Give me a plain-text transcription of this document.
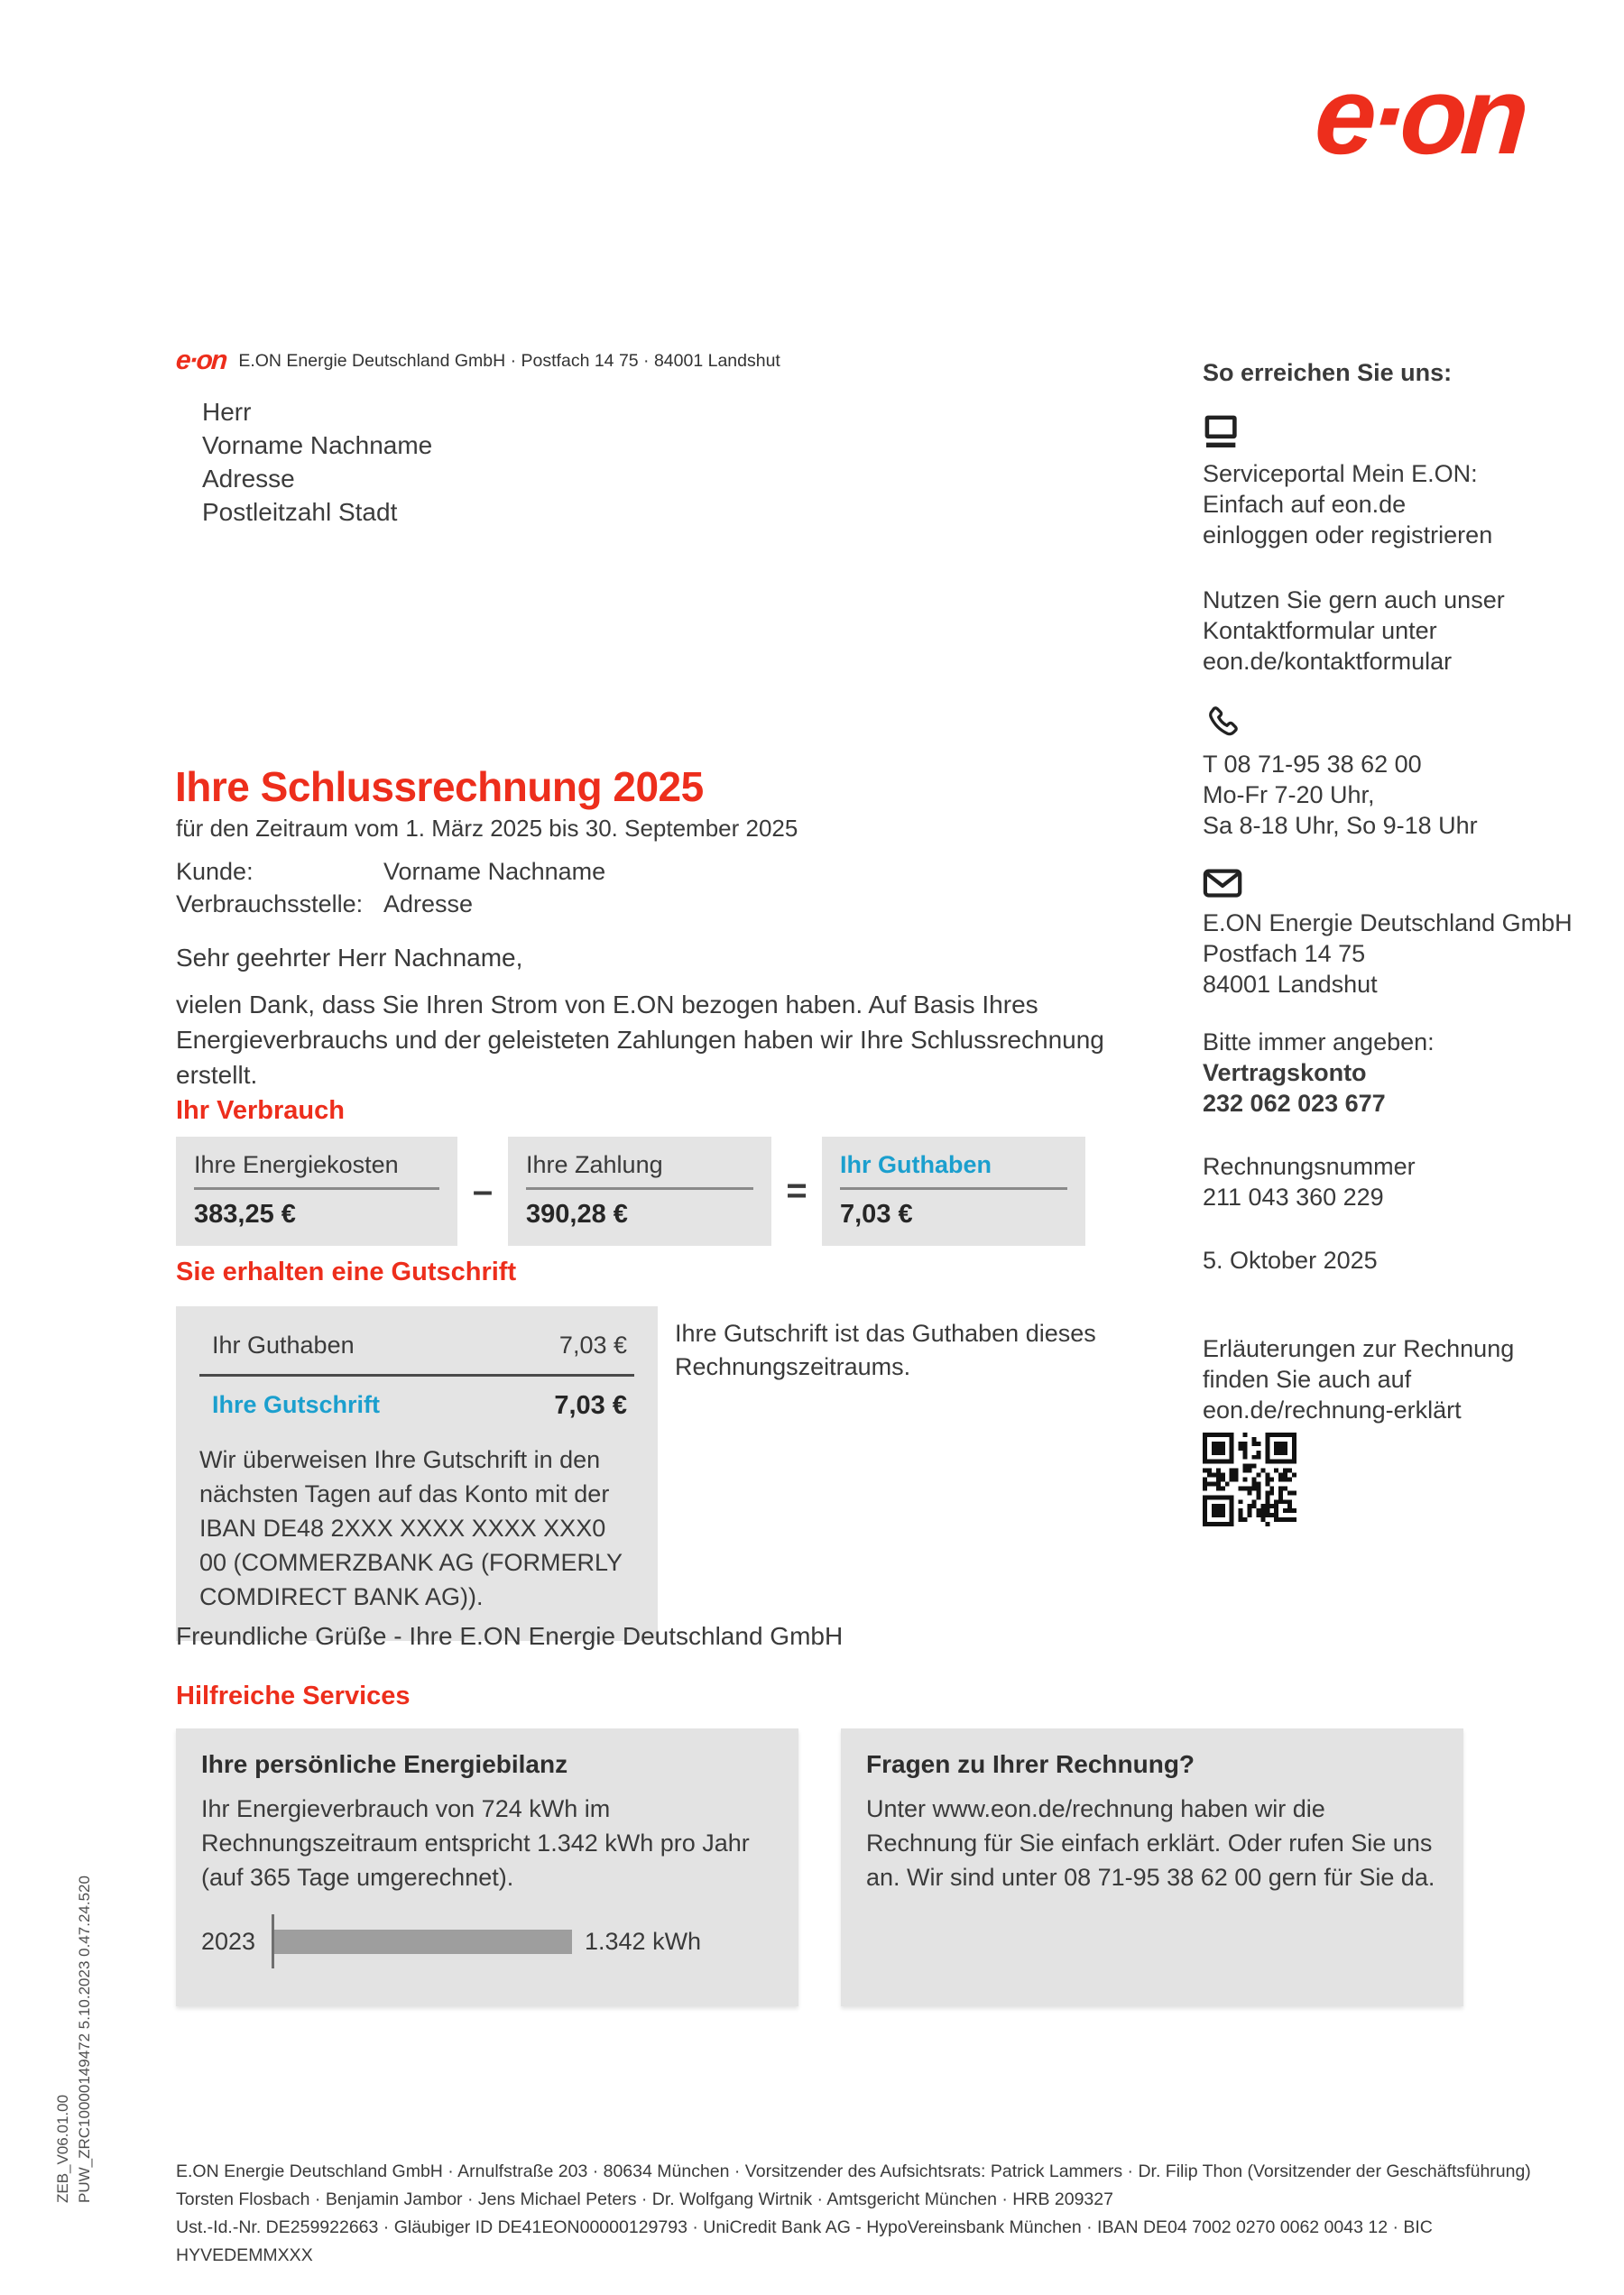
e·on
e·on E.ON Energie Deutschland GmbH · Postfach 14 75 · 84001 Landshut
Herr
Vorname Nachname
Adresse
Postleitzahl Stadt
So erreichen Sie uns:
Serviceportal Mein E.ON:
Einfach auf eon.de
einloggen oder registrieren
Nutzen Sie gern auch unser
Kontaktformular unter
eon.de/kontaktformular
T 08 71-95 38 62 00
Mo-Fr 7-20 Uhr,
Sa 8-18 Uhr, So 9-18 Uhr
E.ON Energie Deutschland GmbH
Postfach 14 75
84001 Landshut
Bitte immer angeben:
Vertragskonto
232 062 023 677
Rechnungsnummer
211 043 360 229
5. Oktober 2025
Erläuterungen zur Rechnung
finden Sie auch auf
eon.de/rechnung-erklärt
Ihre Schlussrechnung 2025
für den Zeitraum vom 1. März 2025 bis 30. September 2025
Kunde:	Vorname Nachname
Verbrauchsstelle: Adresse
Sehr geehrter Herr Nachname,
vielen Dank, dass Sie Ihren Strom von E.ON bezogen haben. Auf Basis Ihres Energieverbrauchs und der geleisteten Zahlungen haben wir Ihre Schlussrechnung erstellt.
Ihr Verbrauch
Ihre Energiekosten
383,25 €
–
Ihre Zahlung
390,28 €
=
Ihr Guthaben
7,03 €
Sie erhalten eine Gutschrift
Ihr Guthaben	7,03 €
Ihre Gutschrift	7,03 €
Wir überweisen Ihre Gutschrift in den nächsten Tagen auf das Konto mit der IBAN DE48 2XXX XXXX XXXX XXX0 00 (COMMERZBANK AG (FORMERLY COMDIRECT BANK AG)).
Ihre Gutschrift ist das Guthaben dieses Rechnungszeitraums.
Freundliche Grüße - Ihre E.ON Energie Deutschland GmbH
Hilfreiche Services
Ihre persönliche Energiebilanz
Ihr Energieverbrauch von 724 kWh im Rechnungszeitraum entspricht 1.342 kWh pro Jahr (auf 365 Tage umgerechnet).
2023	1.342 kWh
Fragen zu Ihrer Rechnung?
Unter www.eon.de/rechnung haben wir die Rechnung für Sie einfach erklärt. Oder rufen Sie uns an. Wir sind unter 08 71-95 38 62 00 gern für Sie da.
ZEB_V06.01.00 PUW_ZRC10000149472 5.10.2023 0.47.24.520	E.ON Energie Deutschland GmbH · Arnulfstraße 203 · 80634 München · Vorsitzender des Aufsichtsrats: Patrick Lammers · Dr. Filip Thon (Vorsitzender der Geschäftsführung)
Torsten Flosbach · Benjamin Jambor · Jens Michael Peters · Dr. Wolfgang Wirtnik · Amtsgericht München · HRB 209327
Ust.-Id.-Nr. DE259922663 · Gläubiger ID DE41EON00000129793 · UniCredit Bank AG - HypoVereinsbank München · IBAN DE04 7002 0270 0062 0043 12 · BIC HYVEDEMMXXX
